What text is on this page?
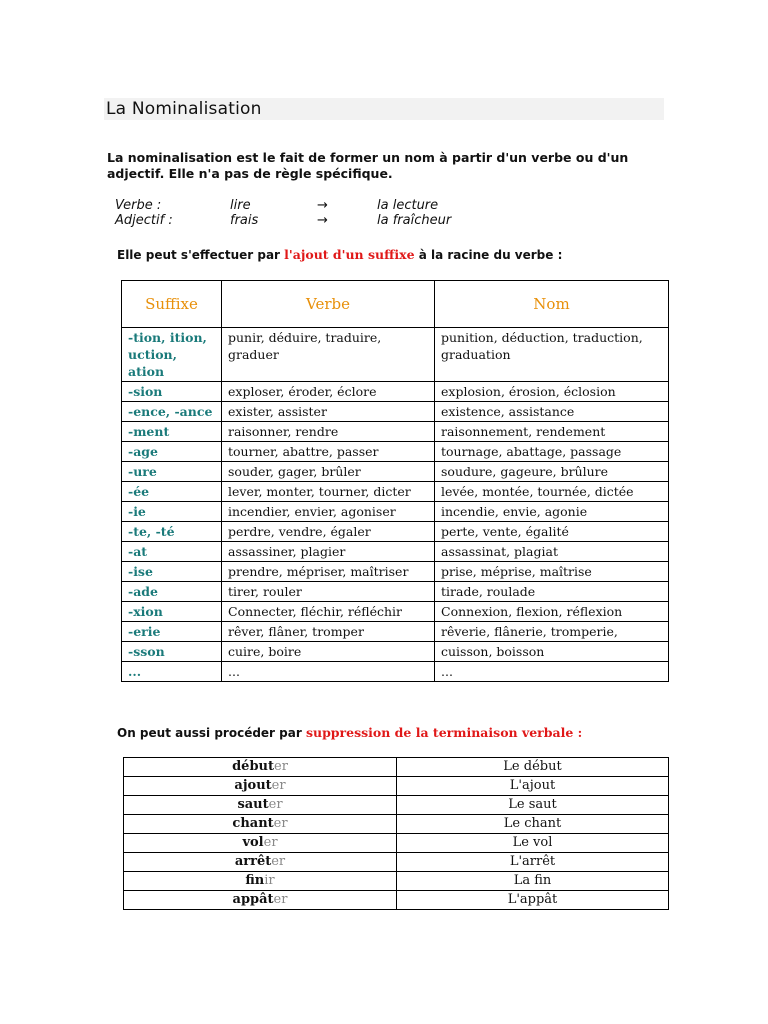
La Nominalisation
La nominalisation est le fait de former un nom à partir d'un verbe ou d'un adjectif. Elle n'a pas de règle spécifique.
Verbe :	lire	→	la lecture
Adjectif :	frais	→	la fraîcheur
Elle peut s'effectuer par l'ajout d'un suffixe à la racine du verbe :
Suffixe	Verbe	Nom
-tion, ition, uction, ation	punir, déduire, traduire, graduer	punition, déduction, traduction, graduation
-sion	exploser, éroder, éclore	explosion, érosion, éclosion
-ence, -ance	exister, assister	existence, assistance
-ment	raisonner, rendre	raisonnement, rendement
-age	tourner, abattre, passer	tournage, abattage, passage
-ure	souder, gager, brûler	soudure, gageure, brûlure
-ée	lever, monter, tourner, dicter	levée, montée, tournée, dictée
-ie	incendier, envier, agoniser	incendie, envie, agonie
-te, -té	perdre, vendre, égaler	perte, vente, égalité
-at	assassiner, plagier	assassinat, plagiat
-ise	prendre, mépriser, maîtriser	prise, méprise, maîtrise
-ade	tirer, rouler	tirade, roulade
-xion	Connecter, fléchir, réfléchir	Connexion, flexion, réflexion
-erie	rêver, flâner, tromper	rêverie, flânerie, tromperie,
-sson	cuire, boire	cuisson, boisson
...	...	...
On peut aussi procéder par suppression de la terminaison verbale :
débuter	Le début
ajouter	L'ajout
sauter	Le saut
chanter	Le chant
voler	Le vol
arrêter	L'arrêt
finir	La fin
appâter	L'appât
